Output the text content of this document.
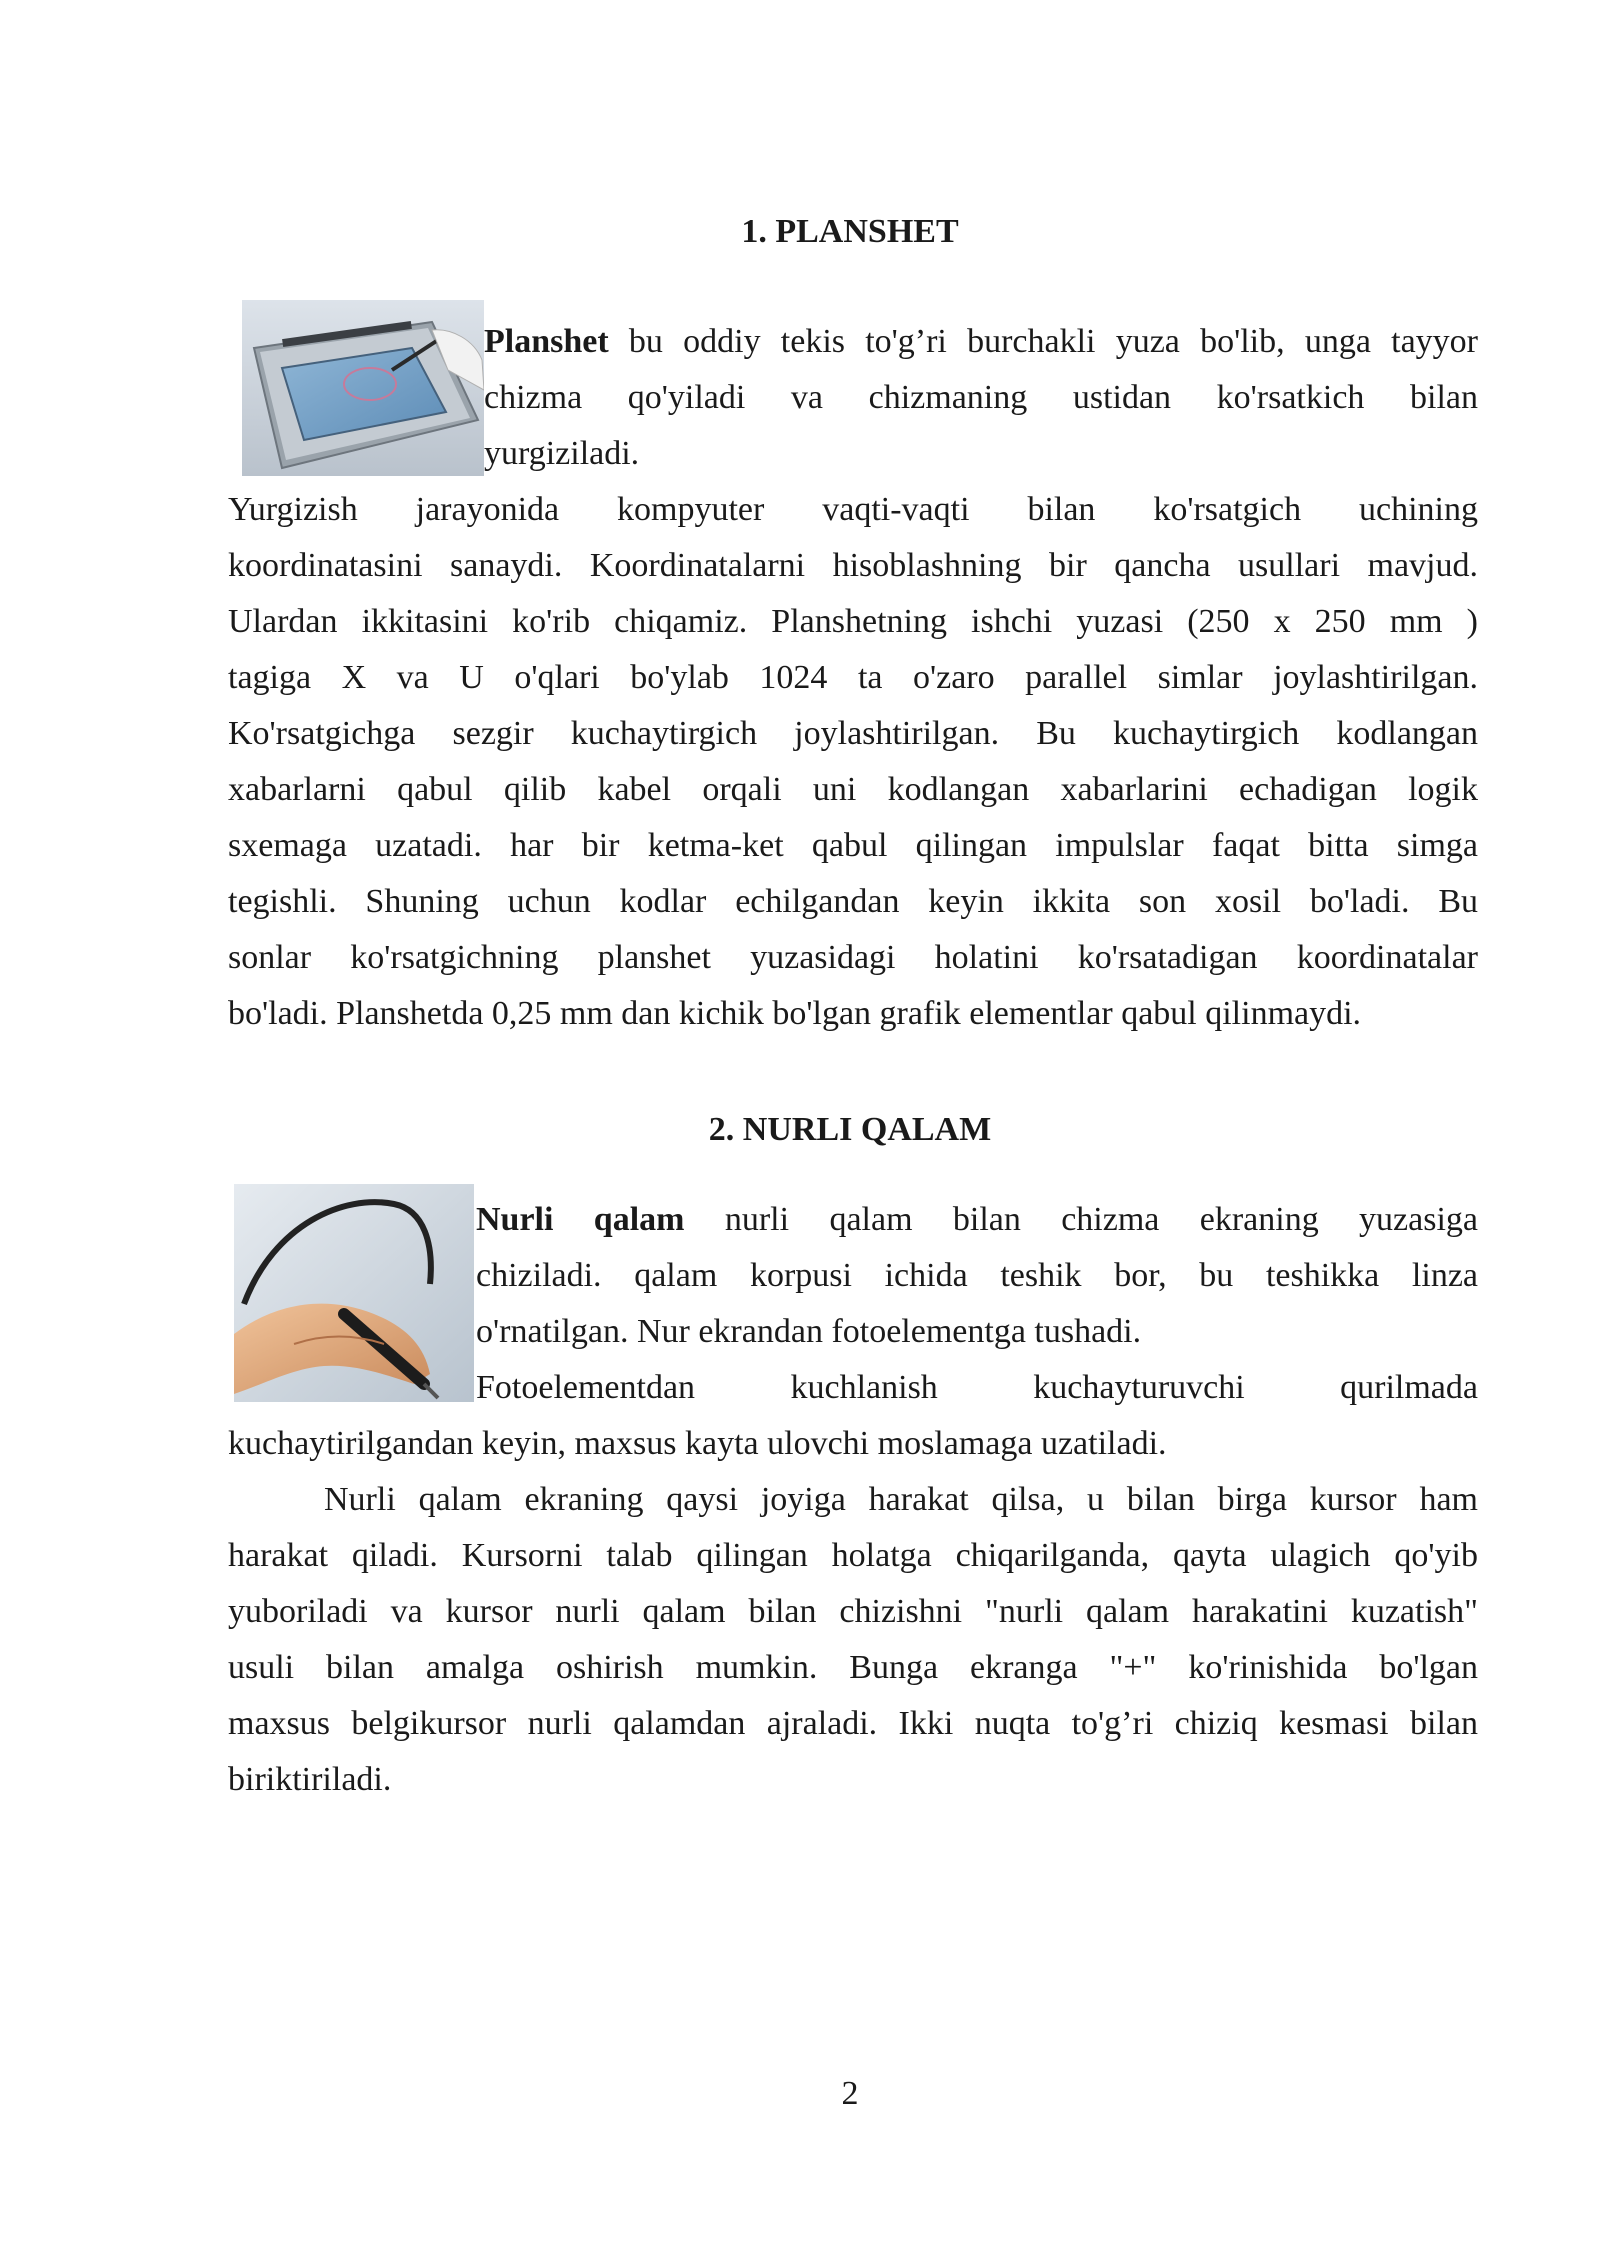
1. PLANSHET
Planshet bu oddiy tekis to'g’ri burchakli yuza bo'lib, unga tayyor
chizma qo'yiladi va chizmaning ustidan ko'rsatkich bilan
yurgiziladi.
Yurgizish jarayonida kompyuter vaqti-vaqti bilan ko'rsatgich uchining
koordinatasini sanaydi. Koordinatalarni hisoblashning bir qancha usullari mavjud.
Ulardan ikkitasini ko'rib chiqamiz. Planshetning ishchi yuzasi (250 x 250 mm )
tagiga X va U o'qlari bo'ylab 1024 ta o'zaro parallel simlar joylashtirilgan.
Ko'rsatgichga sezgir kuchaytirgich joylashtirilgan. Bu kuchaytirgich kodlangan
xabarlarni qabul qilib kabel orqali uni kodlangan xabarlarini echadigan logik
sxemaga uzatadi. har bir ketma-ket qabul qilingan impulslar faqat bitta simga
tegishli. Shuning uchun kodlar echilgandan keyin ikkita son xosil bo'ladi. Bu
sonlar ko'rsatgichning planshet yuzasidagi holatini ko'rsatadigan koordinatalar
bo'ladi. Planshetda 0,25 mm dan kichik bo'lgan grafik elementlar qabul qilinmaydi.
2. NURLI QALAM
Nurli qalam nurli qalam bilan chizma ekraning yuzasiga
chiziladi. qalam korpusi ichida teshik bor, bu teshikka linza
o'rnatilgan. Nur ekrandan fotoelementga tushadi.
Fotoelementdan kuchlanish kuchayturuvchi qurilmada
kuchaytirilgandan keyin, maxsus kayta ulovchi moslamaga uzatiladi.
Nurli qalam ekraning qaysi joyiga harakat qilsa, u bilan birga kursor ham
harakat qiladi. Kursorni talab qilingan holatga chiqarilganda, qayta ulagich qo'yib
yuboriladi va kursor nurli qalam bilan chizishni "nurli qalam harakatini kuzatish"
usuli bilan amalga oshirish mumkin. Bunga ekranga "+" ko'rinishida bo'lgan
maxsus belgikursor nurli qalamdan ajraladi. Ikki nuqta to'g’ri chiziq kesmasi bilan
biriktiriladi.
2
